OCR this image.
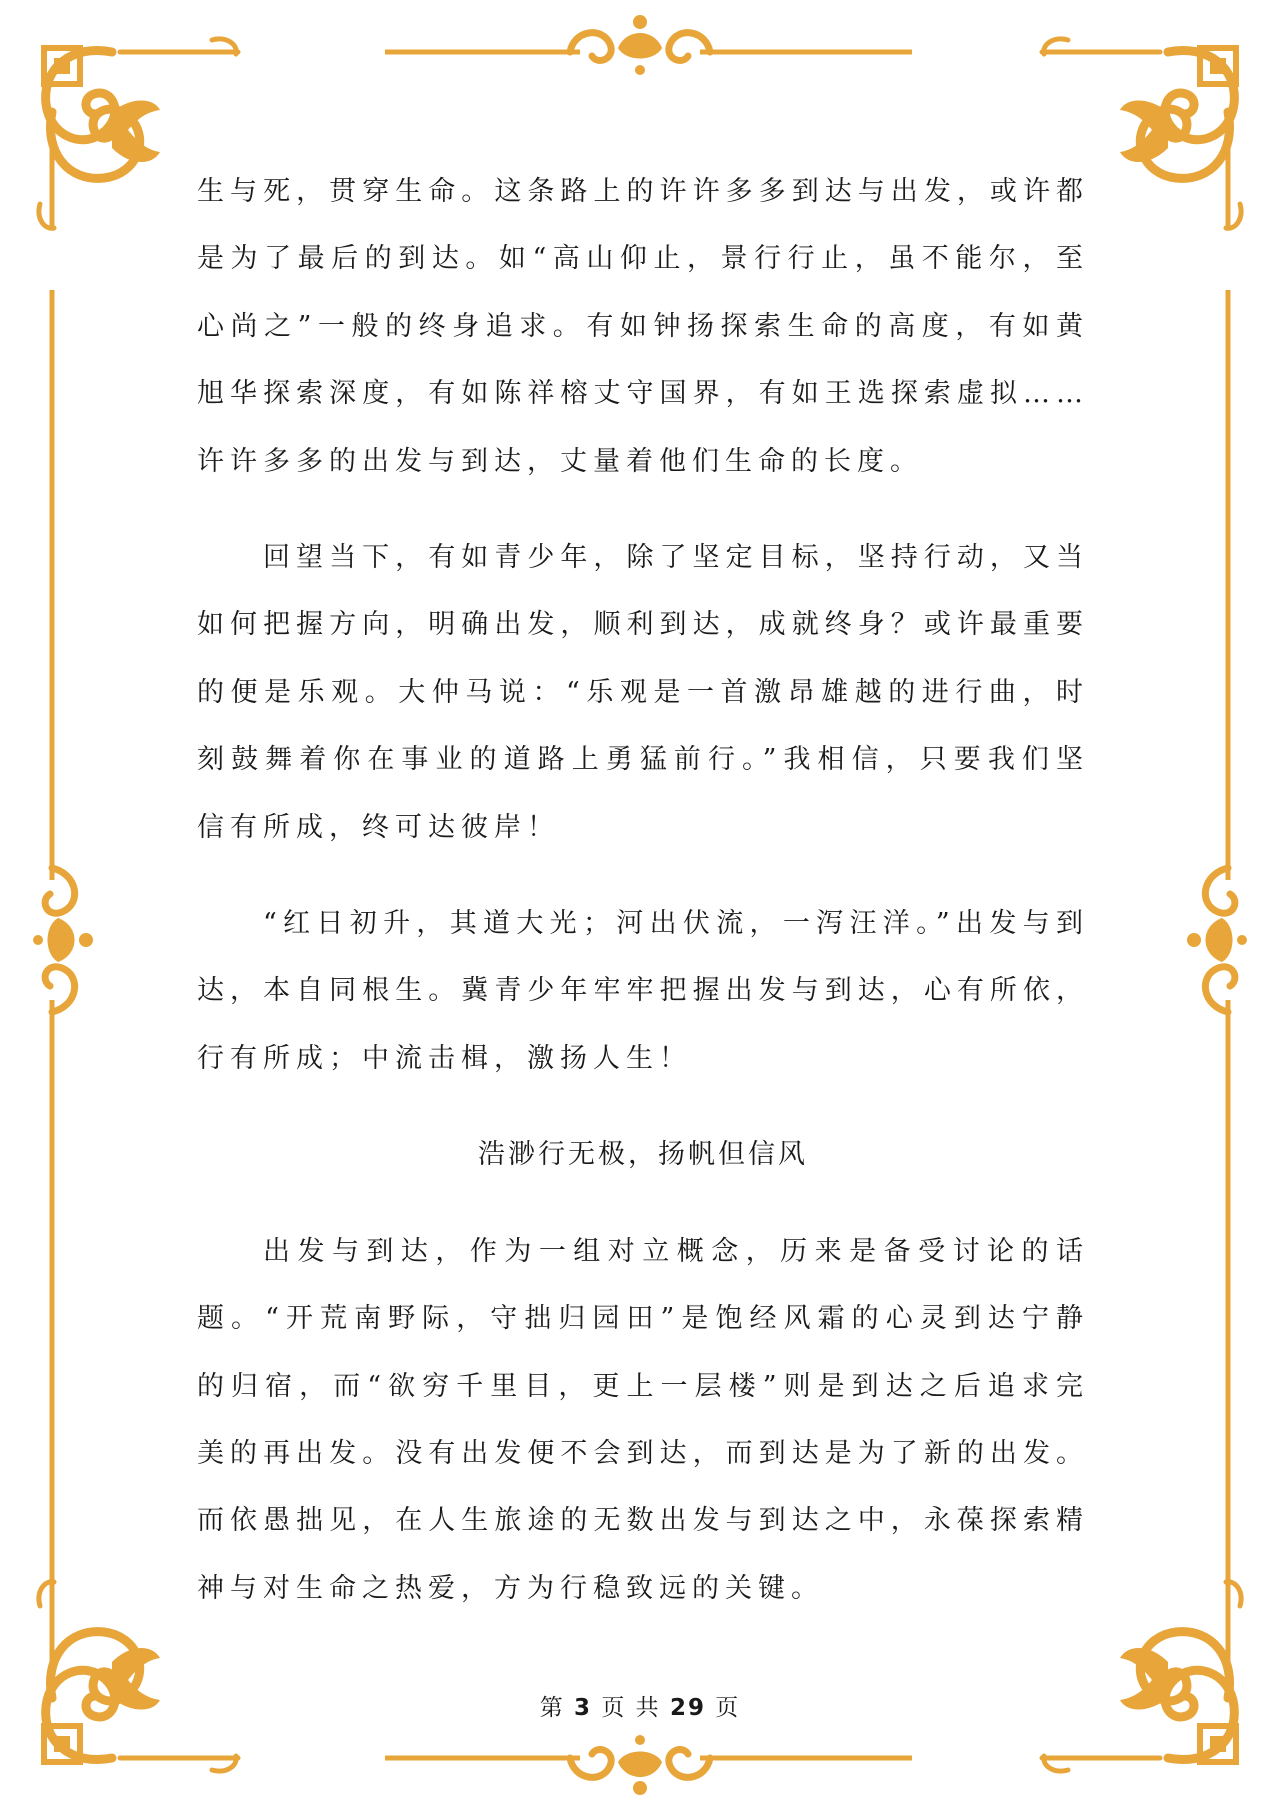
生与死，贯穿生命。这条路上的许许多多到达与出发，或许都是为了最后的到达。如“高山仰止，景行行止，虽不能尔，至心尚之”一般的终身追求。有如钟扬探索生命的高度，有如黄旭华探索深度，有如陈祥榕丈守国界，有如王选探索虚拟……许许多多的出发与到达，丈量着他们生命的长度。

回望当下，有如青少年，除了坚定目标，坚持行动，又当如何把握方向，明确出发，顺利到达，成就终身？或许最重要的便是乐观。大仲马说：“乐观是一首激昂雄越的进行曲，时刻鼓舞着你在事业的道路上勇猛前行。”我相信，只要我们坚信有所成，终可达彼岸！

“红日初升，其道大光；河出伏流，一泻汪洋。”出发与到达，本自同根生。冀青少年牢牢把握出发与到达，心有所依，行有所成；中流击楫，激扬人生！

浩渺行无极，扬帆但信风

出发与到达，作为一组对立概念，历来是备受讨论的话题。“开荒南野际，守拙归园田”是饱经风霜的心灵到达宁静的归宿，而“欲穷千里目，更上一层楼”则是到达之后追求完美的再出发。没有出发便不会到达，而到达是为了新的出发。而依愚拙见，在人生旅途的无数出发与到达之中，永葆探索精神与对生命之热爱，方为行稳致远的关键。

第 3 页 共 29 页
